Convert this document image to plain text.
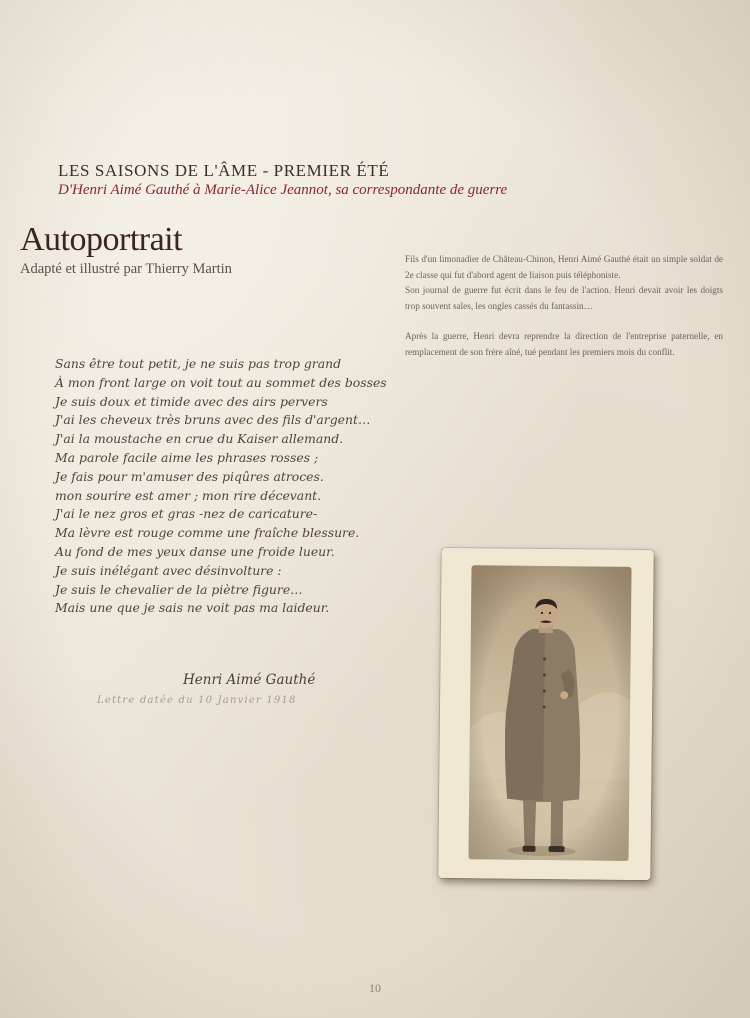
LES SAISONS DE L'ÂME - PREMIER ÉTÉ
D'Henri Aimé Gauthé à Marie-Alice Jeannot, sa correspondante de guerre
Autoportrait
Adapté et illustré par Thierry Martin

Fils d'un limonadier de Château-Chinon, Henri Aimé Gauthé était un simple soldat de 2e classe qui fut d'abord agent de liaison puis téléphoniste.

Son journal de guerre fut écrit dans le feu de l'action. Henri devait avoir les doigts trop souvent sales, les ongles cassés du fantassin…

Après la guerre, Henri devra reprendre la direction de l'entreprise paternelle, en remplacement de son frère aîné, tué pendant les premiers mois du conflit.

Sans être tout petit, je ne suis pas trop grand
À mon front large on voit tout au sommet des bosses
Je suis doux et timide avec des airs pervers
J'ai les cheveux très bruns avec des fils d'argent…
J'ai la moustache en crue du Kaiser allemand.
Ma parole facile aime les phrases rosses ;
Je fais pour m'amuser des piqûres atroces.
mon sourire est amer ; mon rire décevant.
J'ai le nez gros et gras -nez de caricature-
Ma lèvre est rouge comme une fraîche blessure.
Au fond de mes yeux danse une froide lueur.
Je suis inélégant avec désinvolture :
Je suis le chevalier de la piètre figure…
Mais une que je sais ne voit pas ma laideur.
Henri Aimé Gauthé
Lettre datée du 10 Janvier 1918
10
